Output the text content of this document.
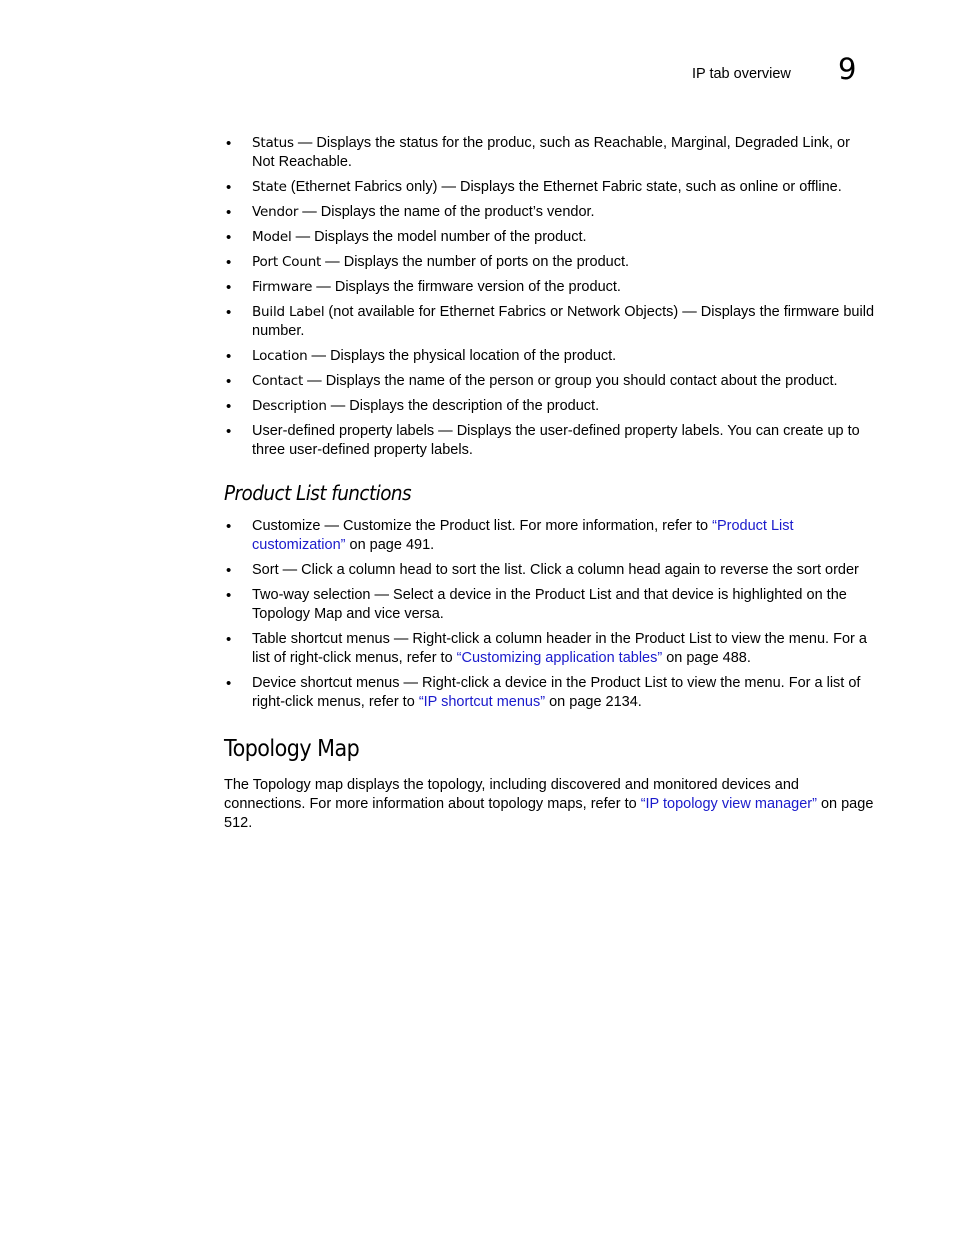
IP tab overview 9
• Status — Displays the status for the produc, such as Reachable, Marginal, Degraded Link, or Not Reachable.
• State (Ethernet Fabrics only) — Displays the Ethernet Fabric state, such as online or offline.
• Vendor — Displays the name of the product’s vendor.
• Model — Displays the model number of the product.
• Port Count — Displays the number of ports on the product.
• Firmware — Displays the firmware version of the product.
• Build Label (not available for Ethernet Fabrics or Network Objects) — Displays the firmware build number.
• Location — Displays the physical location of the product.
• Contact — Displays the name of the person or group you should contact about the product.
• Description — Displays the description of the product.
• User-defined property labels — Displays the user-defined property labels. You can create up to three user-defined property labels.
Product List functions
• Customize — Customize the Product list. For more information, refer to “Product List customization” on page 491.
• Sort — Click a column head to sort the list. Click a column head again to reverse the sort order
• Two-way selection — Select a device in the Product List and that device is highlighted on the Topology Map and vice versa.
• Table shortcut menus — Right-click a column header in the Product List to view the menu. For a list of right-click menus, refer to “Customizing application tables” on page 488.
• Device shortcut menus — Right-click a device in the Product List to view the menu. For a list of right-click menus, refer to “IP shortcut menus” on page 2134.
Topology Map

The Topology map displays the topology, including discovered and monitored devices and connections. For more information about topology maps, refer to “IP topology view manager” on page 512.
